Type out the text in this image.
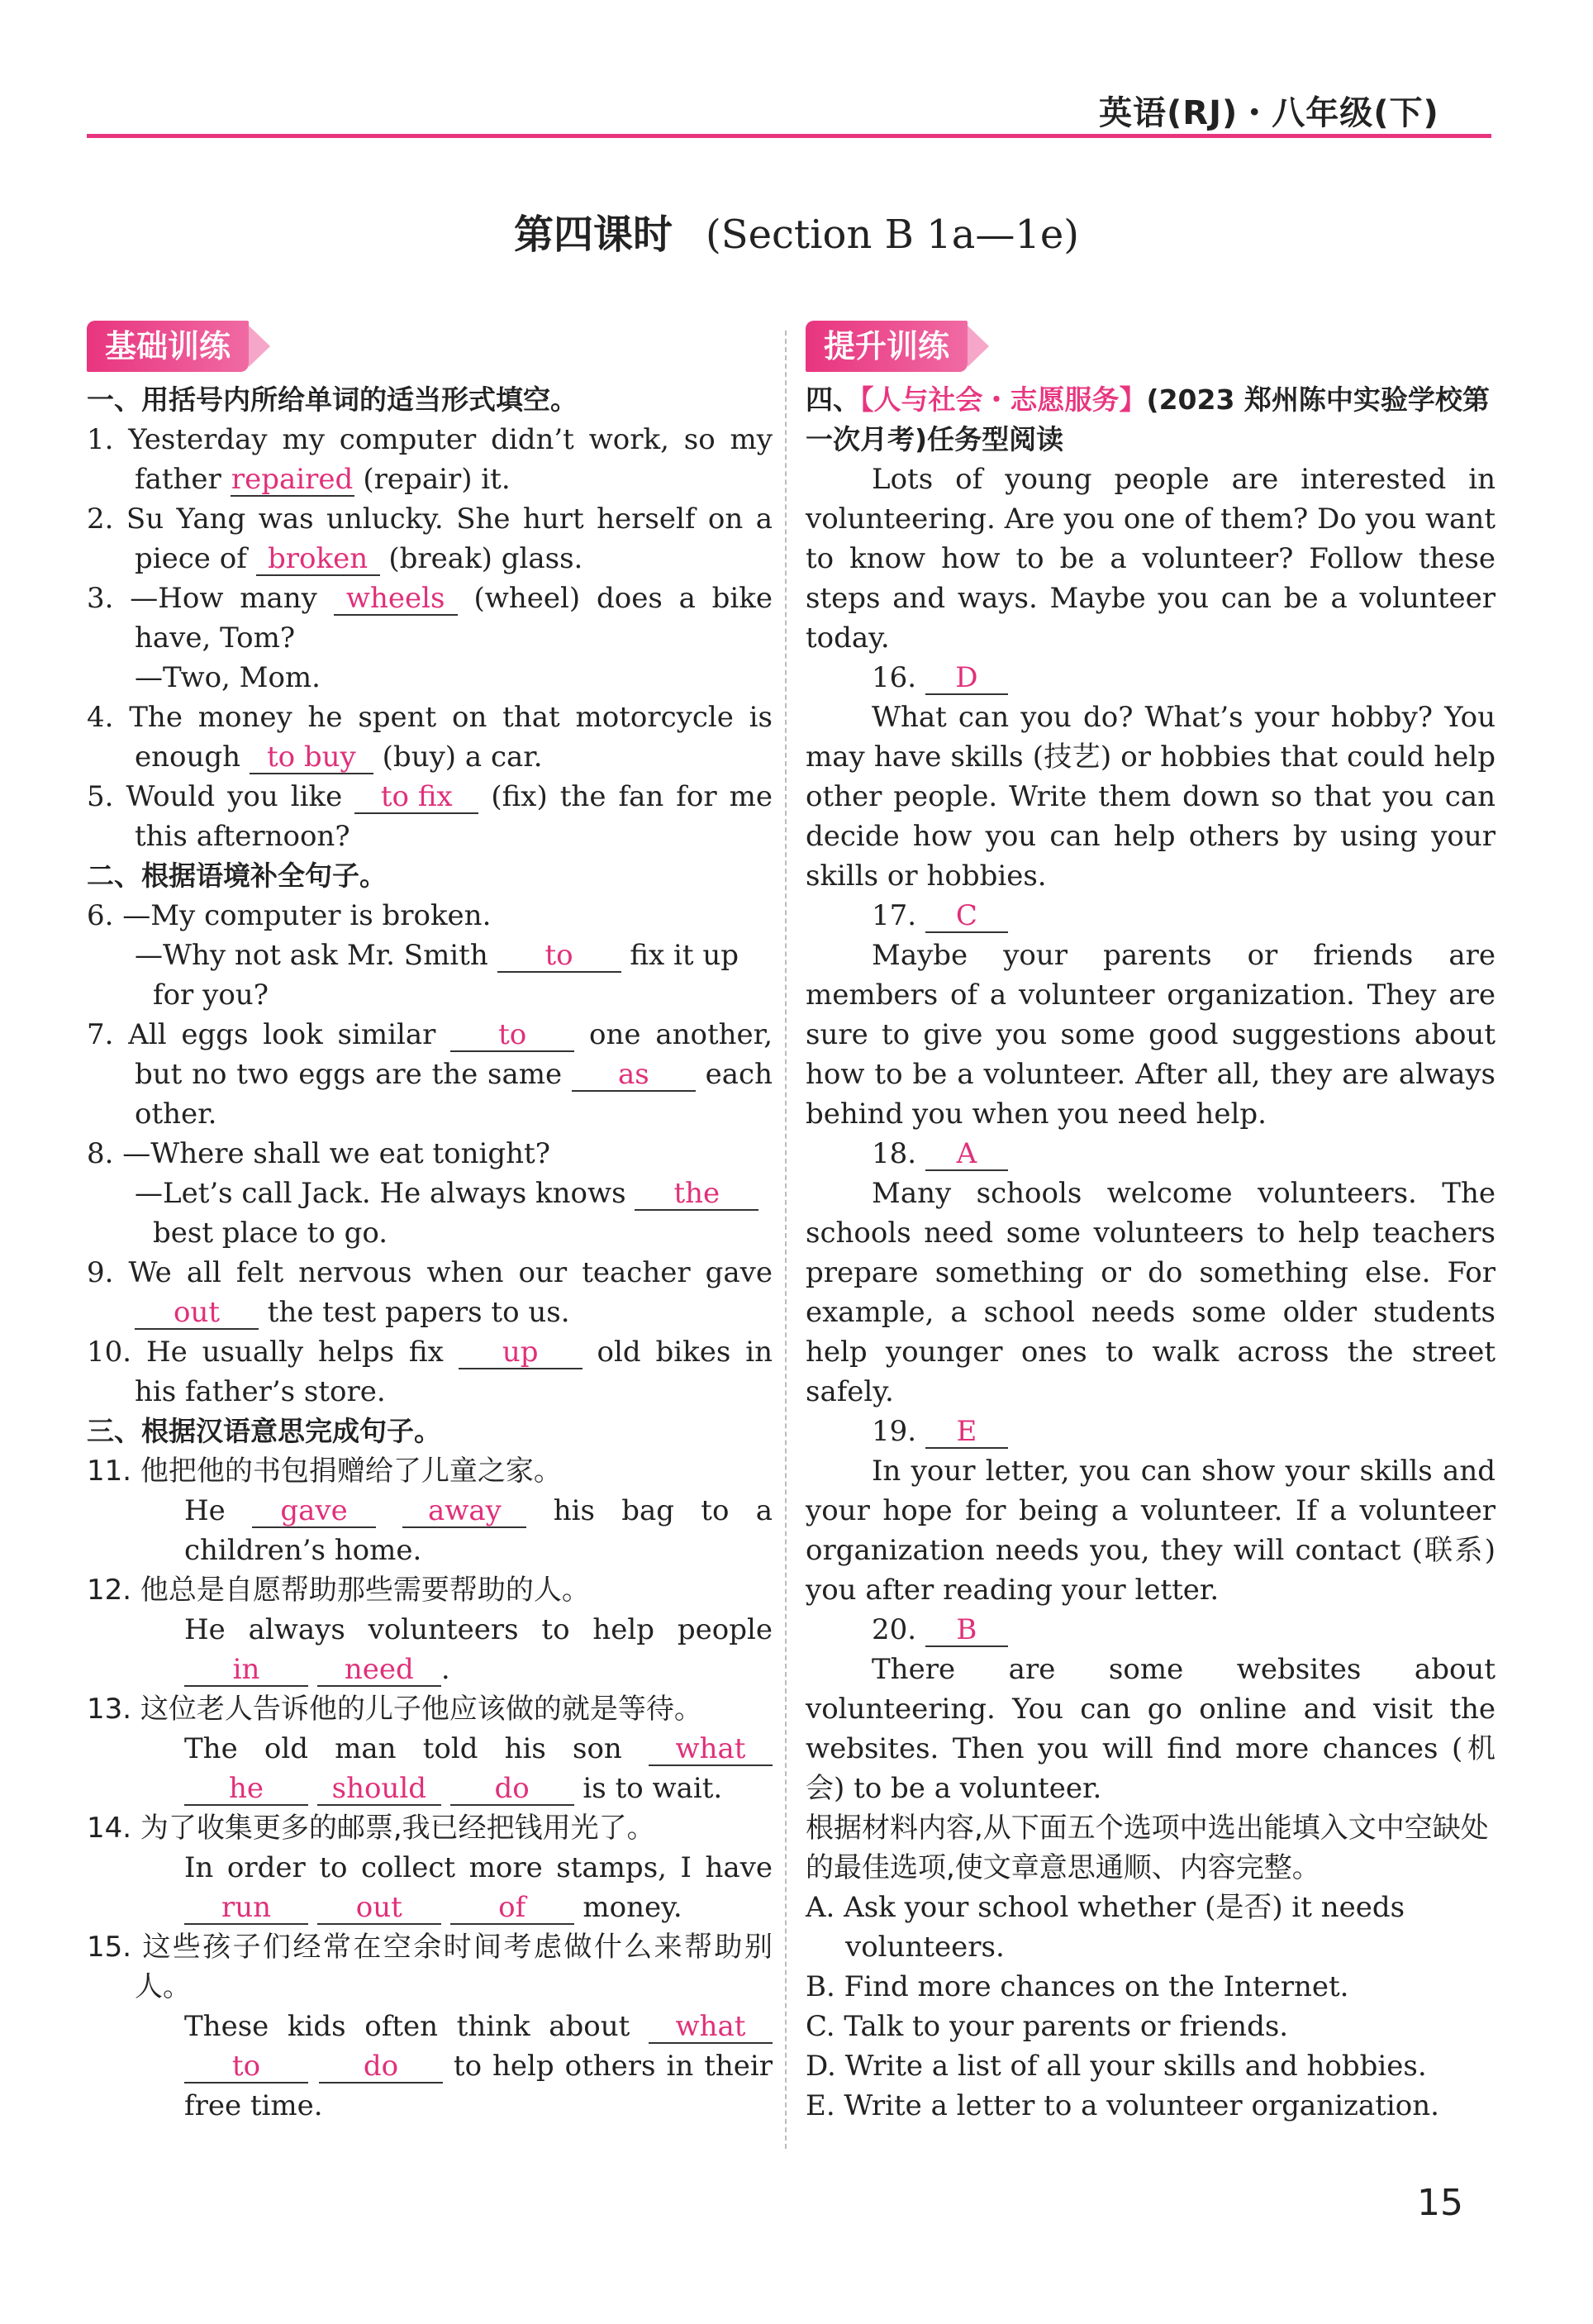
英语(RJ)・八年级(下)
第四课时 (Section B 1a—1e)
基础训练	提升训练
一、用括号内所给单词的适当形式填空。
1. Yesterday my computer didn’t work, so my father repaired (repair) it.
2. Su Yang was unlucky. She hurt herself on a piece of broken (break) glass.
3. —How many wheels (wheel) does a bike have, Tom?
—Two, Mom.
4. The money he spent on that motorcycle is enough to buy (buy) a car.
5. Would you like to fix (fix) the fan for me this afternoon?
二、根据语境补全句子。
6. —My computer is broken.
—Why not ask Mr. Smith to fix it up for you?
7. All eggs look similar to one another, but no two eggs are the same as each other.
8. —Where shall we eat tonight?
—Let’s call Jack. He always knows the best place to go.
9. We all felt nervous when our teacher gave out the test papers to us.
10. He usually helps fix up old bikes in his father’s store.
三、根据汉语意思完成句子。
11. 他把他的书包捐赠给了儿童之家。
He gave	away his bag to a children’s home.
12. 他总是自愿帮助那些需要帮助的人。
He always volunteers to help people in	need .
13. 这位老人告诉他的儿子他应该做的就是等待。
The old man told his son what he should do is to wait.
14. 为了收集更多的邮票,我已经把钱用光了。
In order to collect more stamps, I have run	out	of money.
15. 这些孩子们经常在空余时间考虑做什么来帮助别人。
These kids often think about what to	do to help others in their free time.
四、【人与社会・志愿服务】(2023 郑州陈中实验学校第一次月考)任务型阅读
Lots of young people are interested in volunteering. Are you one of them? Do you want to know how to be a volunteer? Follow these steps and ways. Maybe you can be a volunteer today.
16. D
What can you do? What’s your hobby? You may have skills (技艺) or hobbies that could help other people. Write them down so that you can decide how you can help others by using your skills or hobbies.
17. C
Maybe your parents or friends are members of a volunteer organization. They are sure to give you some good suggestions about how to be a volunteer. After all, they are always behind you when you need help.
18. A
Many schools welcome volunteers. The schools need some volunteers to help teachers prepare something or do something else. For example, a school needs some older students help younger ones to walk across the street safely.
19. E
In your letter, you can show your skills and your hope for being a volunteer. If a volunteer organization needs you, they will contact (联系) you after reading your letter.
20. B
There are some websites about volunteering. You can go online and visit the websites. Then you will find more chances (机会) to be a volunteer.
根据材料内容,从下面五个选项中选出能填入文中空缺处的最佳选项,使文章意思通顺、内容完整。
A. Ask your school whether (是否) it needs volunteers.
B. Find more chances on the Internet.
C. Talk to your parents or friends.
D. Write a list of all your skills and hobbies.
E. Write a letter to a volunteer organization.
15
